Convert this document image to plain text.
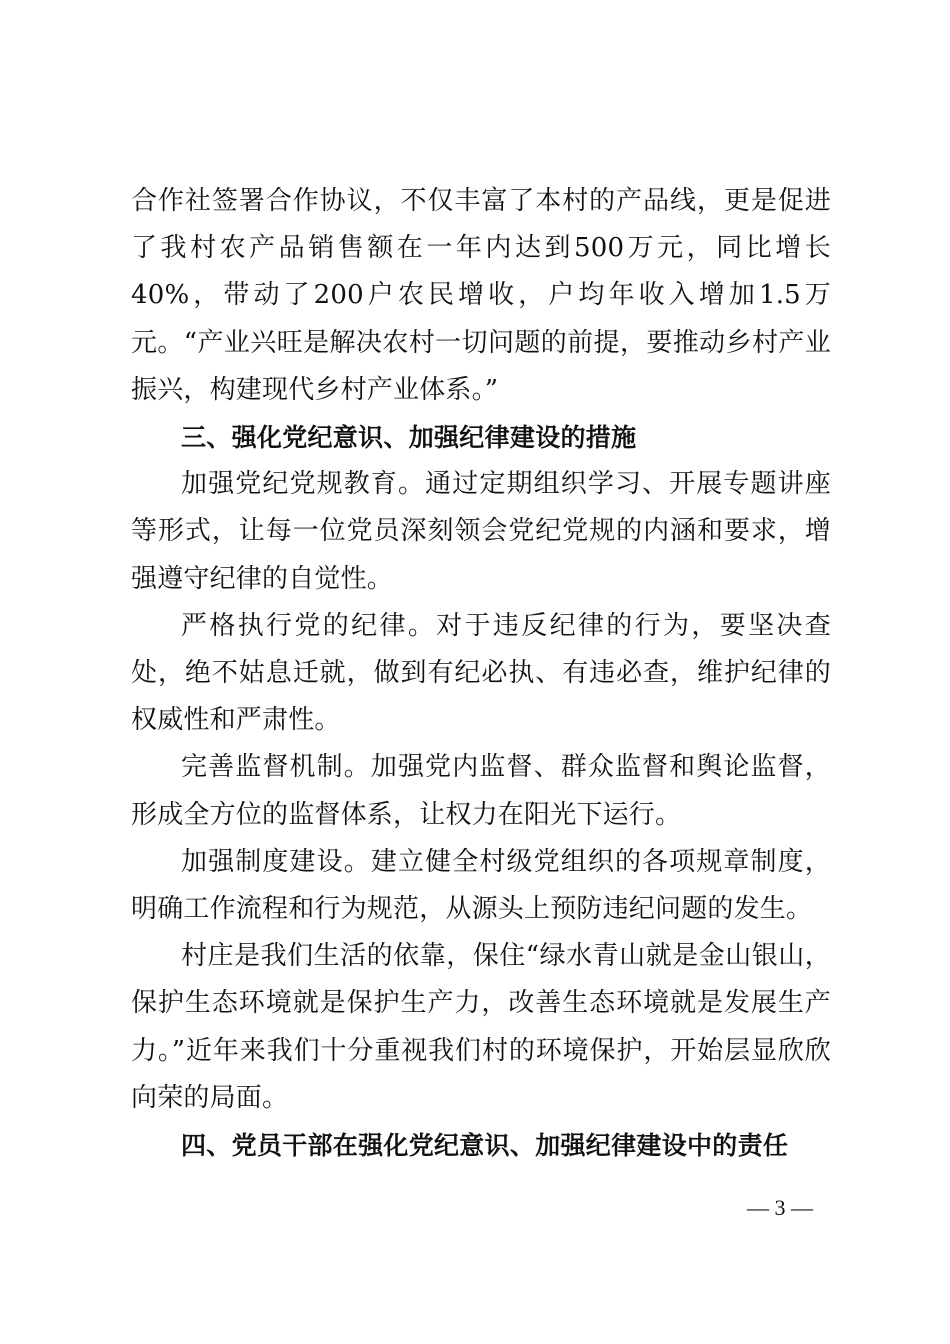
合作社签署合作协议，不仅丰富了本村的产品线，更是促进了我村农产品销售额在一年内达到500万元，同比增长40%，带动了200户农民增收，户均年收入增加1.5万元。“产业兴旺是解决农村一切问题的前提，要推动乡村产业振兴，构建现代乡村产业体系。”

三、强化党纪意识、加强纪律建设的措施

加强党纪党规教育。通过定期组织学习、开展专题讲座等形式，让每一位党员深刻领会党纪党规的内涵和要求，增强遵守纪律的自觉性。

严格执行党的纪律。对于违反纪律的行为，要坚决查处，绝不姑息迁就，做到有纪必执、有违必查，维护纪律的权威性和严肃性。

完善监督机制。加强党内监督、群众监督和舆论监督，形成全方位的监督体系，让权力在阳光下运行。

加强制度建设。建立健全村级党组织的各项规章制度，明确工作流程和行为规范，从源头上预防违纪问题的发生。

村庄是我们生活的依靠，保住“绿水青山就是金山银山，保护生态环境就是保护生产力，改善生态环境就是发展生产力。”近年来我们十分重视我们村的环境保护，开始层显欣欣向荣的局面。

四、党员干部在强化党纪意识、加强纪律建设中的责任

— 3 —
